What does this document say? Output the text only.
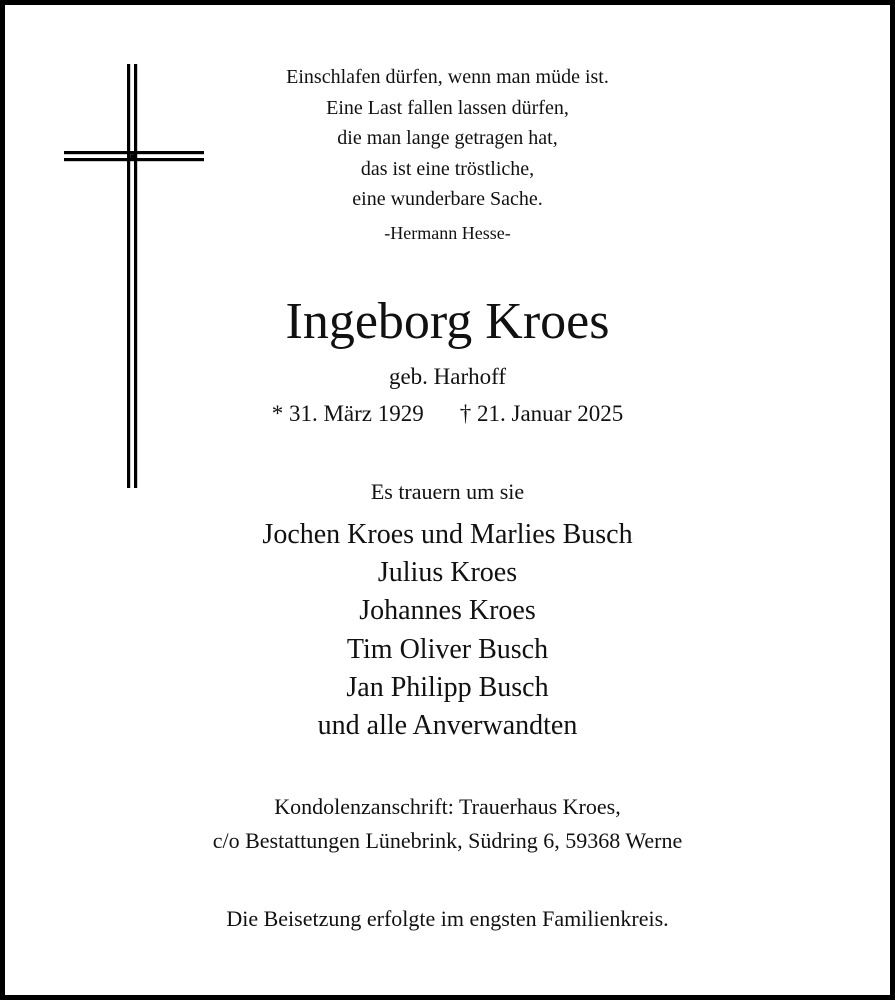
Einschlafen dürfen, wenn man müde ist.
Eine Last fallen lassen dürfen,
die man lange getragen hat,
das ist eine tröstliche,
eine wunderbare Sache.
-Hermann Hesse-
Ingeborg Kroes
geb. Harhoff
* 31. März 1929 † 21. Januar 2025
Es trauern um sie
Jochen Kroes und Marlies Busch
Julius Kroes
Johannes Kroes
Tim Oliver Busch
Jan Philipp Busch
und alle Anverwandten
Kondolenzanschrift: Trauerhaus Kroes,
c/o Bestattungen Lünebrink, Südring 6, 59368 Werne
Die Beisetzung erfolgte im engsten Familienkreis.
